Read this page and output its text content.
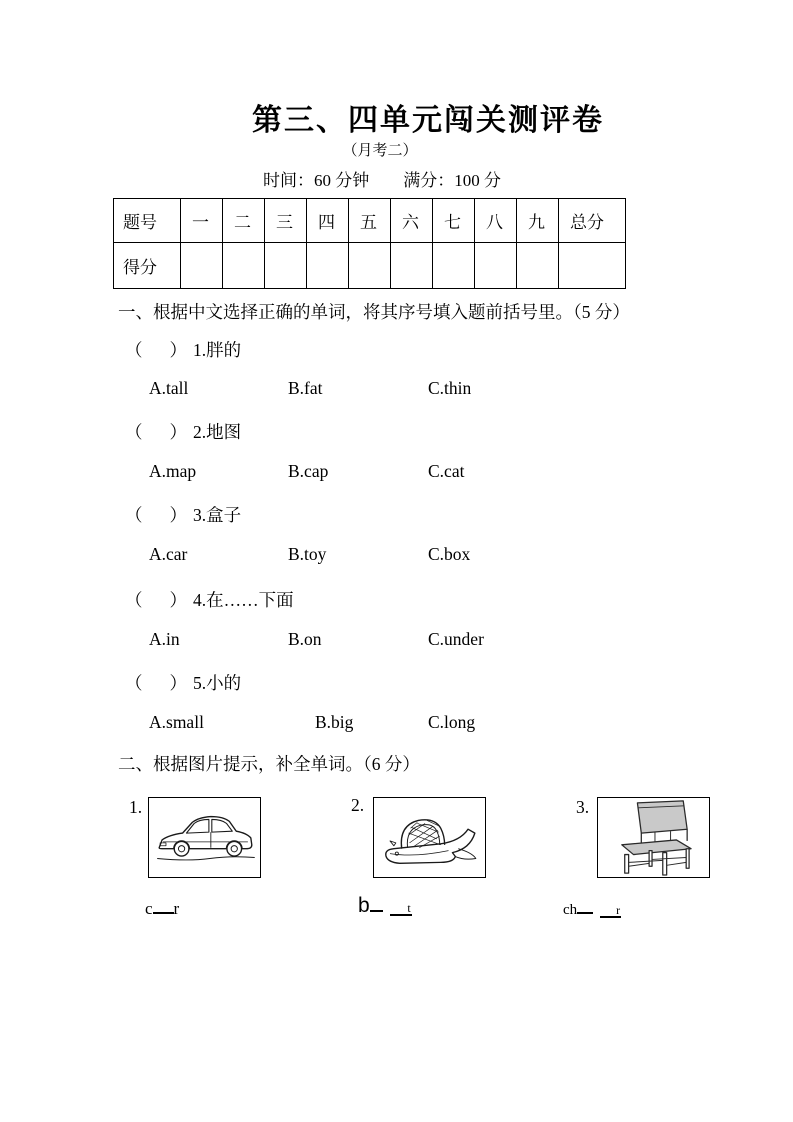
第三、四单元闯关测评卷
（月考二）
时间：60 分钟 满分：100 分
题号	一	二	三	四	五	六	七	八	九	总分
得分										
一、根据中文选择正确的单词，将其序号填入题前括号里。（5 分）
（ ） 1.胖的
A.tall	B.fat	C.thin
（ ） 2.地图
A.map	B.cap	C.cat
（ ） 3.盒子
A.car	B.toy	C.box
（ ） 4.在……下面
A.in	B.on	C.under
（ ） 5.小的
A.small	B.big	C.long
二、根据图片提示，补全单词。（6 分）
1.	2.	3.
c r	b	t	ch	r
